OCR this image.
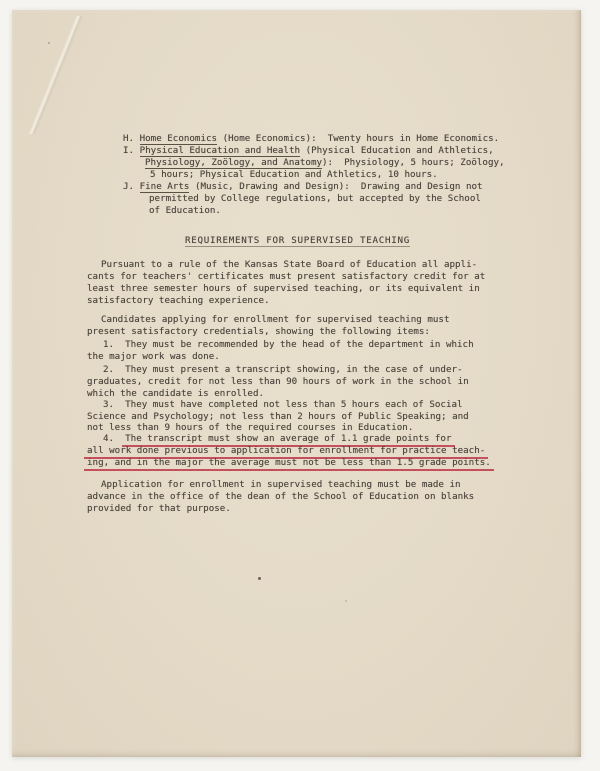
H. Home Economics (Home Economics):  Twenty hours in Home Economics.
I. Physical Education and Health (Physical Education and Athletics,
Physiology, Zoölogy, and Anatomy):  Physiology, 5 hours; Zoölogy,
5 hours; Physical Education and Athletics, 10 hours.
J. Fine Arts (Music, Drawing and Design):  Drawing and Design not
permitted by College regulations, but accepted by the School
of Education.
REQUIREMENTS FOR SUPERVISED TEACHING
Pursuant to a rule of the Kansas State Board of Education all appli-
cants for teachers' certificates must present satisfactory credit for at
least three semester hours of supervised teaching, or its equivalent in
satisfactory teaching experience.
Candidates applying for enrollment for supervised teaching must
present satisfactory credentials, showing the following items:
1.  They must be recommended by the head of the department in which
the major work was done.
2.  They must present a transcript showing, in the case of under-
graduates, credit for not less than 90 hours of work in the school in
which the candidate is enrolled.
3.  They must have completed not less than 5 hours each of Social
Science and Psychology; not less than 2 hours of Public Speaking; and
not less than 9 hours of the required courses in Education.
4.  The transcript must show an average of 1.1 grade points for
all work done previous to application for enrollment for practice teach-
ing, and in the major the average must not be less than 1.5 grade points.
Application for enrollment in supervised teaching must be made in
advance in the office of the dean of the School of Education on blanks
provided for that purpose.
